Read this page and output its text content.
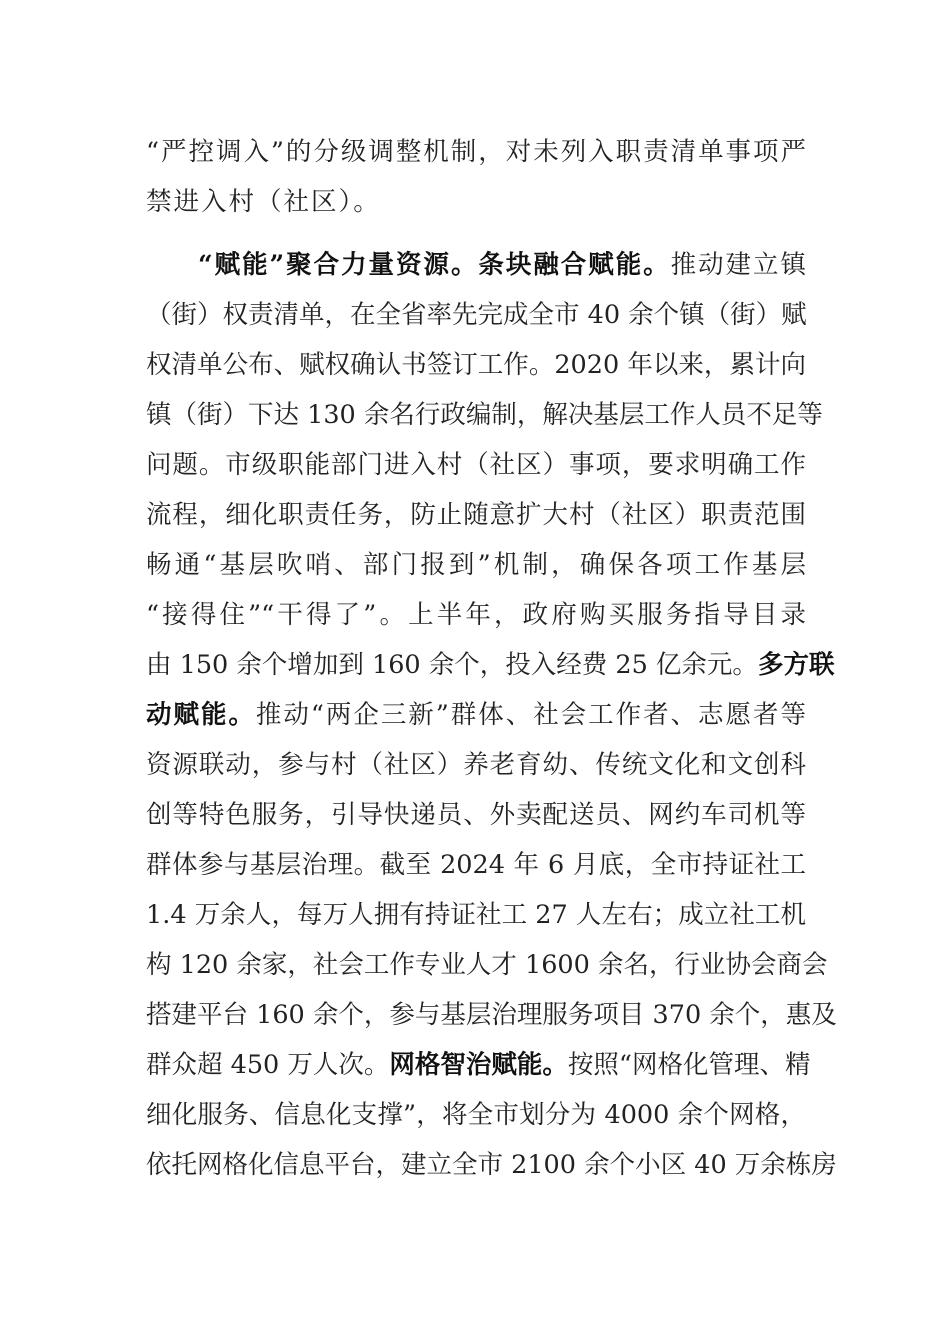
“严控调入”的分级调整机制，对未列入职责清单事项严
禁进入村（社区）。
“赋能”聚合力量资源。条块融合赋能。推动建立镇
（街）权责清单，在全省率先完成全市 40 余个镇（街）赋
权清单公布、赋权确认书签订工作。2020 年以来，累计向
镇（街）下达 130 余名行政编制，解决基层工作人员不足等
问题。市级职能部门进入村（社区）事项，要求明确工作
流程，细化职责任务，防止随意扩大村（社区）职责范围
畅通“基层吹哨、部门报到”机制，确保各项工作基层
“接得住”“干得了”。上半年，政府购买服务指导目录
由 150 余个增加到 160 余个，投入经费 25 亿余元。多方联
动赋能。推动“两企三新”群体、社会工作者、志愿者等
资源联动，参与村（社区）养老育幼、传统文化和文创科
创等特色服务，引导快递员、外卖配送员、网约车司机等
群体参与基层治理。截至 2024 年 6 月底，全市持证社工
1.4 万余人，每万人拥有持证社工 27 人左右；成立社工机
构 120 余家，社会工作专业人才 1600 余名，行业协会商会
搭建平台 160 余个，参与基层治理服务项目 370 余个，惠及
群众超 450 万人次。网格智治赋能。按照“网格化管理、精
细化服务、信息化支撑”，将全市划分为 4000 余个网格，
依托网格化信息平台，建立全市 2100 余个小区 40 万余栋房
